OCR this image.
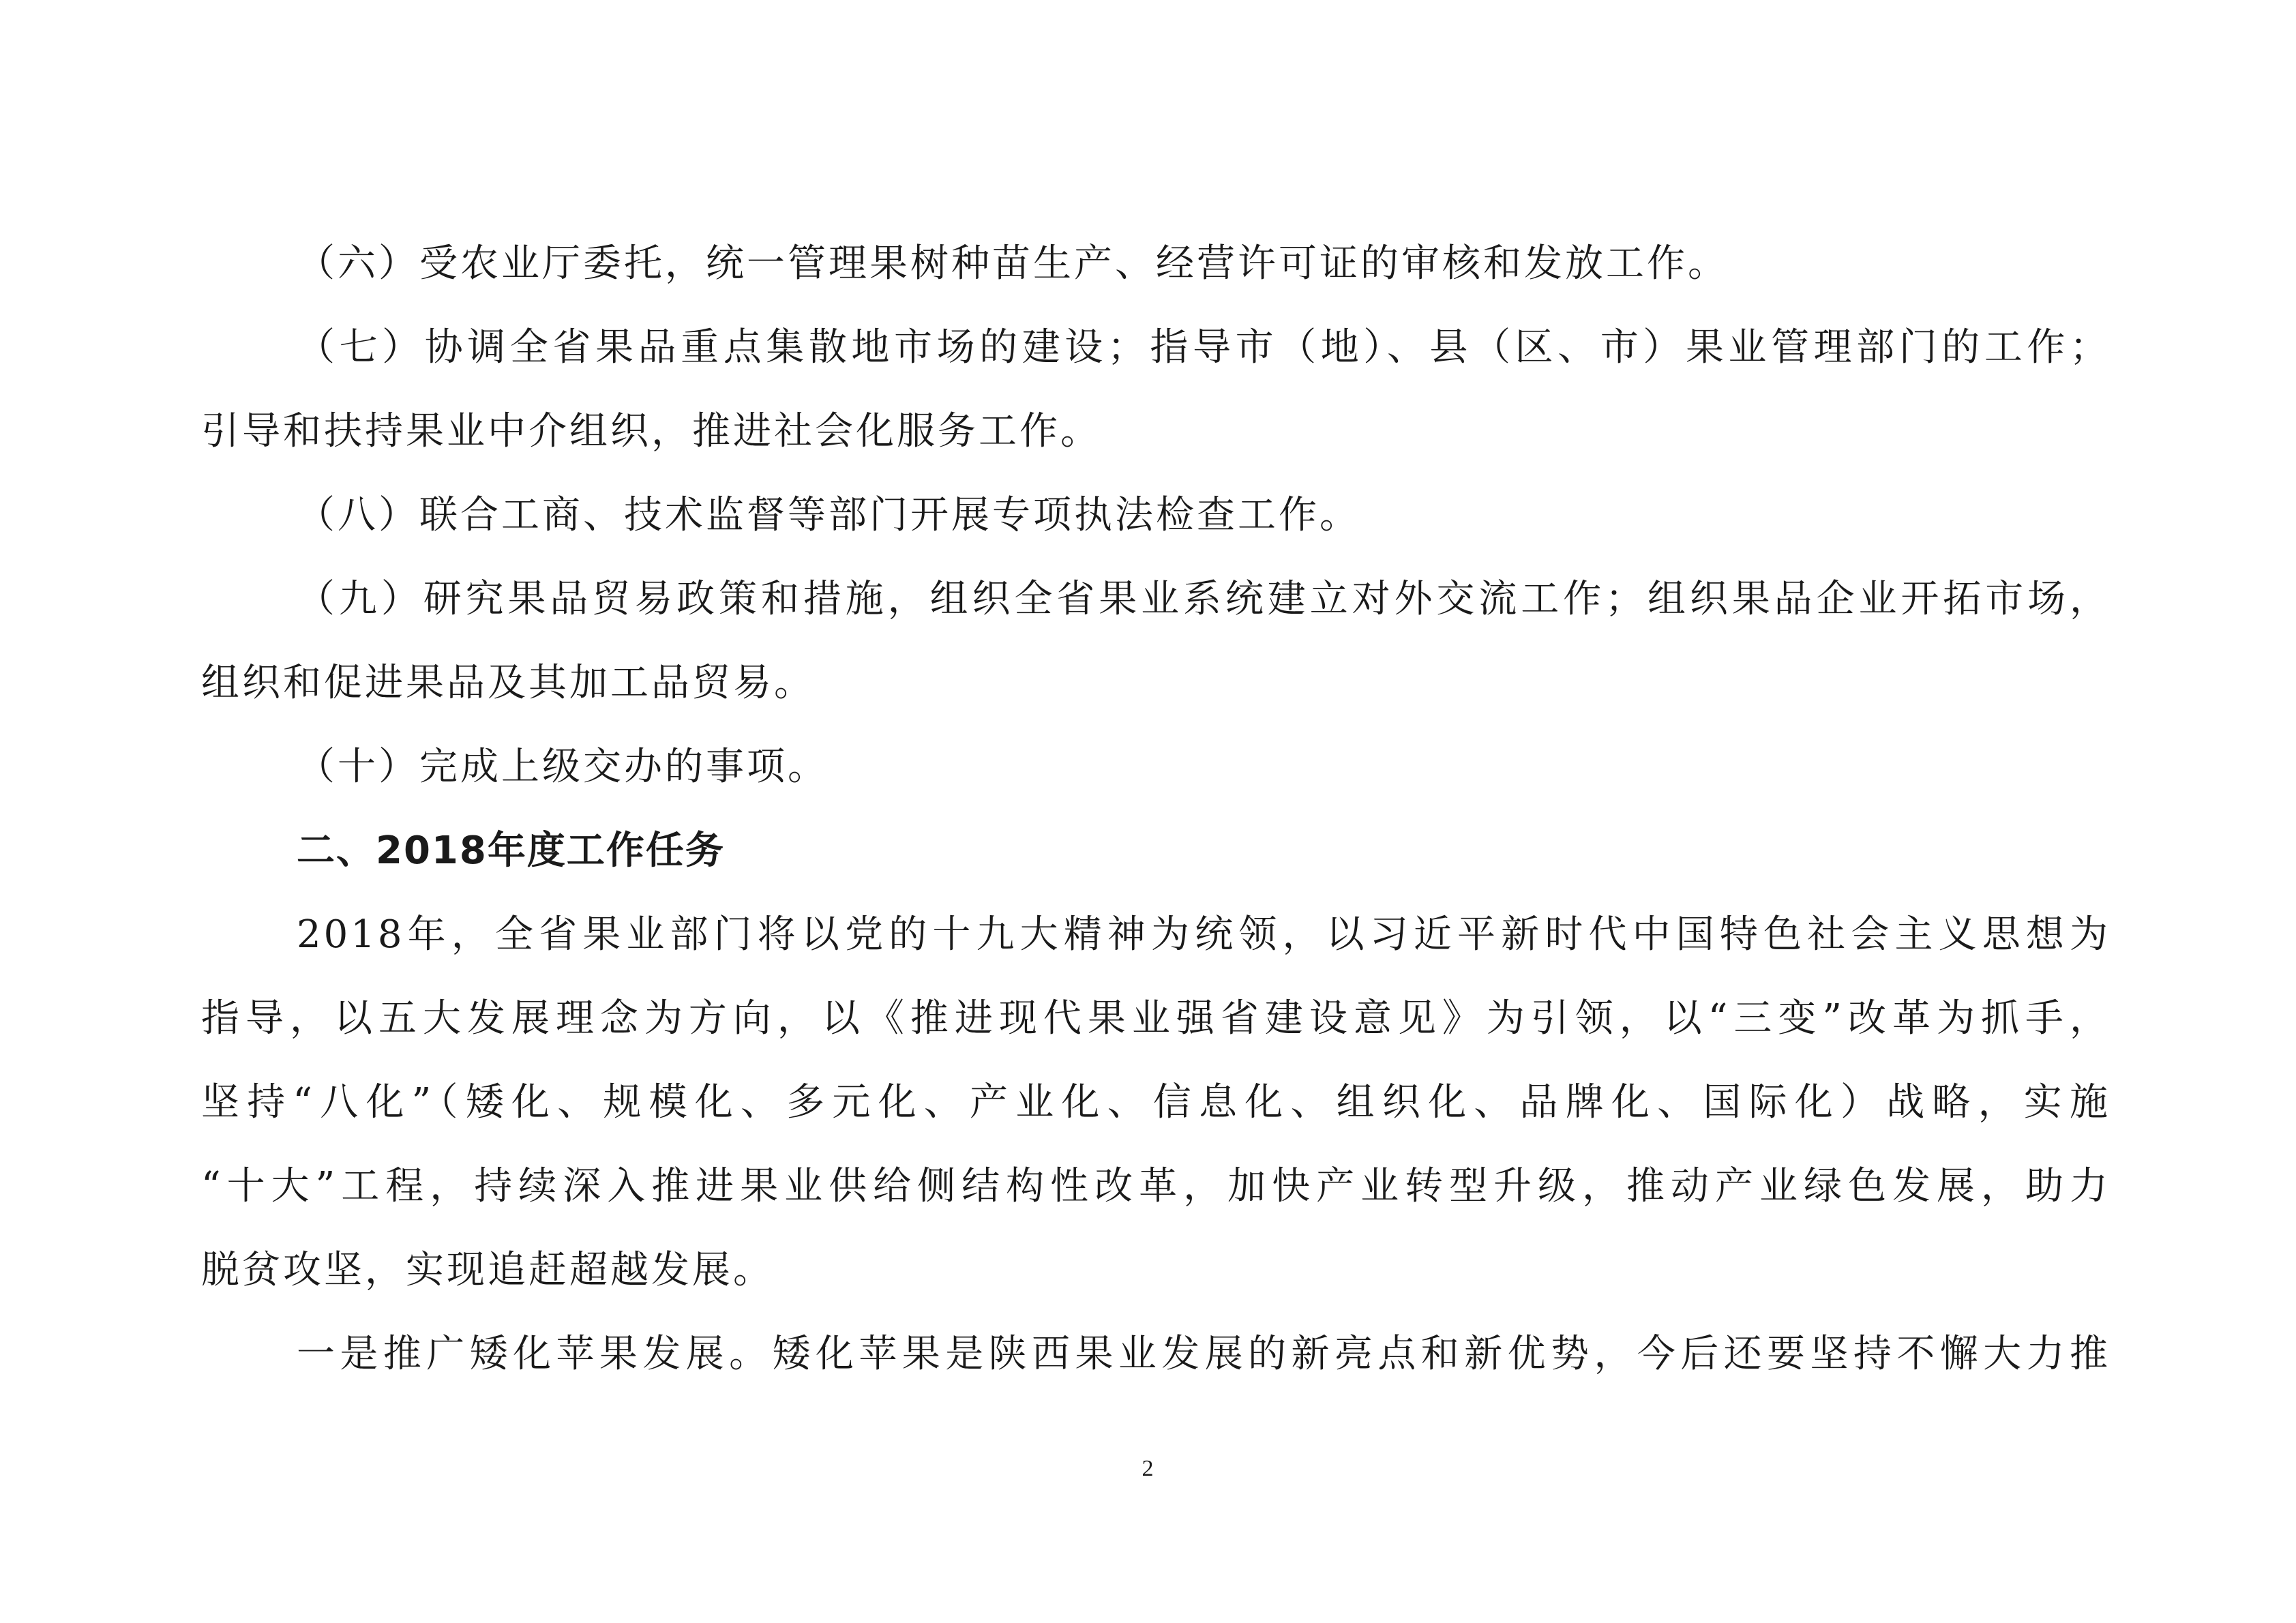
（六）受农业厅委托，统一管理果树种苗生产、经营许可证的审核和发放工作。
（七）协调全省果品重点集散地市场的建设；指导市（地）、县（区、市）果业管理部门的工作；
引导和扶持果业中介组织，推进社会化服务工作。
（八）联合工商、技术监督等部门开展专项执法检查工作。
（九）研究果品贸易政策和措施，组织全省果业系统建立对外交流工作；组织果品企业开拓市场，
组织和促进果品及其加工品贸易。
（十）完成上级交办的事项。
二、2018年度工作任务
2018年，全省果业部门将以党的十九大精神为统领，以习近平新时代中国特色社会主义思想为
指导，以五大发展理念为方向，以《推进现代果业强省建设意见》为引领，以“三变”改革为抓手，
坚持“八化”（矮化、规模化、多元化、产业化、信息化、组织化、品牌化、国际化）战略，实施
“十大”工程，持续深入推进果业供给侧结构性改革，加快产业转型升级，推动产业绿色发展，助力
脱贫攻坚，实现追赶超越发展。
一是推广矮化苹果发展。矮化苹果是陕西果业发展的新亮点和新优势，今后还要坚持不懈大力推
2
